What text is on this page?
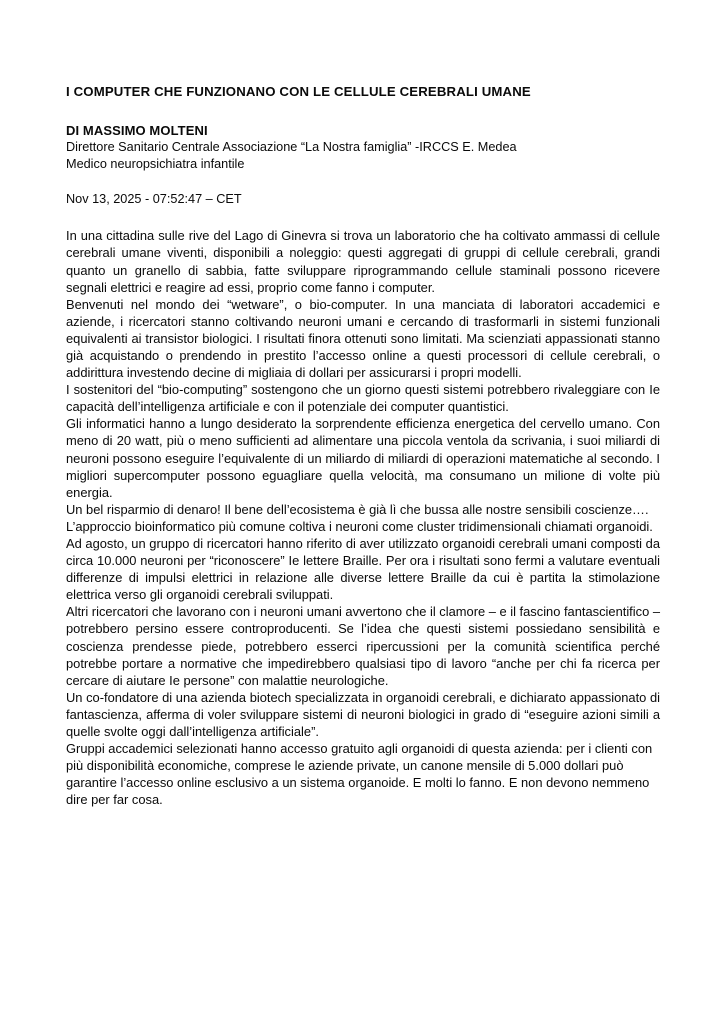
I COMPUTER CHE FUNZIONANO CON LE CELLULE CEREBRALI UMANE

DI MASSIMO MOLTENI

Direttore Sanitario Centrale Associazione “La Nostra famiglia” -IRCCS E. Medea

Medico neuropsichiatra infantile

Nov 13, 2025 - 07:52:47 – CET

In una cittadina sulle rive del Lago di Ginevra si trova un laboratorio che ha coltivato ammassi di cellule cerebrali umane viventi, disponibili a noleggio: questi aggregati di gruppi di cellule cerebrali, grandi quanto un granello di sabbia, fatte sviluppare riprogrammando cellule staminali possono ricevere segnali elettrici e reagire ad essi, proprio come fanno i computer.

Benvenuti nel mondo dei “wetware”, o bio-computer. In una manciata di laboratori accademici e aziende, i ricercatori stanno coltivando neuroni umani e cercando di trasformarli in sistemi funzionali equivalenti ai transistor biologici. I risultati finora ottenuti sono limitati. Ma scienziati appassionati stanno già acquistando o prendendo in prestito l’accesso online a questi processori di cellule cerebrali, o addirittura investendo decine di migliaia di dollari per assicurarsi i propri modelli.

I sostenitori del “bio-computing” sostengono che un giorno questi sistemi potrebbero rivaleggiare con Ie capacità dell’intelligenza artificiale e con il potenziale dei computer quantistici.

Gli informatici hanno a lungo desiderato la sorprendente efficienza energetica del cervello umano. Con meno di 20 watt, più o meno sufficienti ad alimentare una piccola ventola da scrivania, i suoi miliardi di neuroni possono eseguire l’equivalente di un miliardo di miliardi di operazioni matematiche al secondo. I migliori supercomputer possono eguagliare quella velocità, ma consumano un milione di volte più energia.

Un bel risparmio di denaro! Il bene dell’ecosistema è già lì che bussa alle nostre sensibili coscienze….

L’approccio bioinformatico più comune coltiva i neuroni come cluster tridimensionali chiamati organoidi.

Ad agosto, un gruppo di ricercatori hanno riferito di aver utilizzato organoidi cerebrali umani composti da circa 10.000 neuroni per “riconoscere” Ie lettere Braille. Per ora i risultati sono fermi a valutare eventuali differenze di impulsi elettrici in relazione alle diverse lettere Braille da cui è partita la stimolazione elettrica verso gli organoidi cerebrali sviluppati.

Altri ricercatori che lavorano con i neuroni umani avvertono che il clamore – e il fascino fantascientifico – potrebbero persino essere controproducenti. Se l’idea che questi sistemi possiedano sensibilità e coscienza prendesse piede, potrebbero esserci ripercussioni per la comunità scientifica perché potrebbe portare a normative che impedirebbero qualsiasi tipo di lavoro “anche per chi fa ricerca per cercare di aiutare Ie persone” con malattie neurologiche.

Un co-fondatore di una azienda biotech specializzata in organoidi cerebrali, e dichiarato appassionato di fantascienza, afferma di voler sviluppare sistemi di neuroni biologici in grado di “eseguire azioni simili a quelle svolte oggi dall’intelligenza artificiale”.

Gruppi accademici selezionati hanno accesso gratuito agli organoidi di questa azienda: per i clienti con più disponibilità economiche, comprese le aziende private, un canone mensile di 5.000 dollari può garantire l’accesso online esclusivo a un sistema organoide. E molti lo fanno. E non devono nemmeno dire per far cosa.
